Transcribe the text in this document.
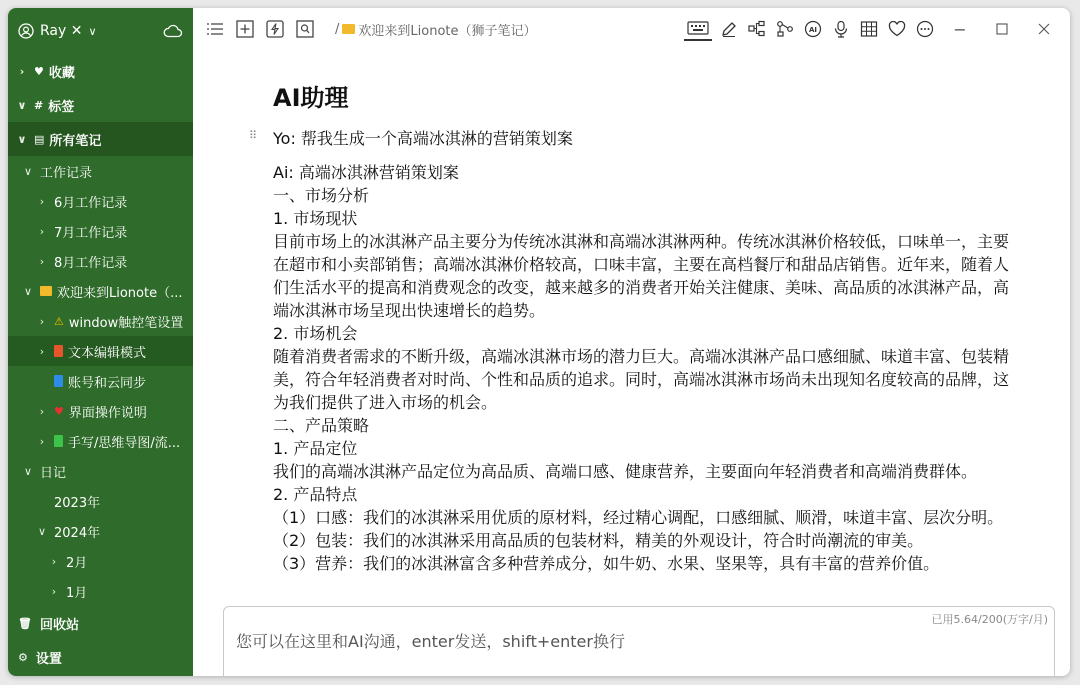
Ray ✕ ∨
› ♥ 收藏
∨ # 标签
∨ ▤ 所有笔记
∨ 工作记录
› 6月工作记录
› 7月工作记录
› 8月工作记录
∨ 欢迎来到Lionote（...
› ⚠ window触控笔设置
› 文本编辑模式
账号和云同步
› ♥ 界面操作说明
› 手写/思维导图/流...
∨ 日记
2023年
∨ 2024年
› 2月
› 1月
🗑 回收站
⚙ 设置
/ 欢迎来到Lionote（狮子笔记）	AI	−
AI助理
⠿ Yo: 帮我生成一个高端冰淇淋的营销策划案

Ai: 高端冰淇淋营销策划案

一、市场分析

1. 市场现状

目前市场上的冰淇淋产品主要分为传统冰淇淋和高端冰淇淋两种。传统冰淇淋价格较低，口味单一，主要在超市和小卖部销售；高端冰淇淋价格较高，口味丰富，主要在高档餐厅和甜品店销售。近年来，随着人们生活水平的提高和消费观念的改变，越来越多的消费者开始关注健康、美味、高品质的冰淇淋产品，高端冰淇淋市场呈现出快速增长的趋势。

2. 市场机会

随着消费者需求的不断升级，高端冰淇淋市场的潜力巨大。高端冰淇淋产品口感细腻、味道丰富、包装精美，符合年轻消费者对时尚、个性和品质的追求。同时，高端冰淇淋市场尚未出现知名度较高的品牌，这为我们提供了进入市场的机会。

二、产品策略

1. 产品定位

我们的高端冰淇淋产品定位为高品质、高端口感、健康营养，主要面向年轻消费者和高端消费群体。

2. 产品特点

（1）口感：我们的冰淇淋采用优质的原材料，经过精心调配，口感细腻、顺滑，味道丰富、层次分明。

（2）包装：我们的冰淇淋采用高品质的包装材料，精美的外观设计，符合时尚潮流的审美。

（3）营养：我们的冰淇淋富含多种营养成分，如牛奶、水果、坚果等，具有丰富的营养价值。

已用5.64/200(万字/月)
您可以在这里和AI沟通，enter发送，shift+enter换行
